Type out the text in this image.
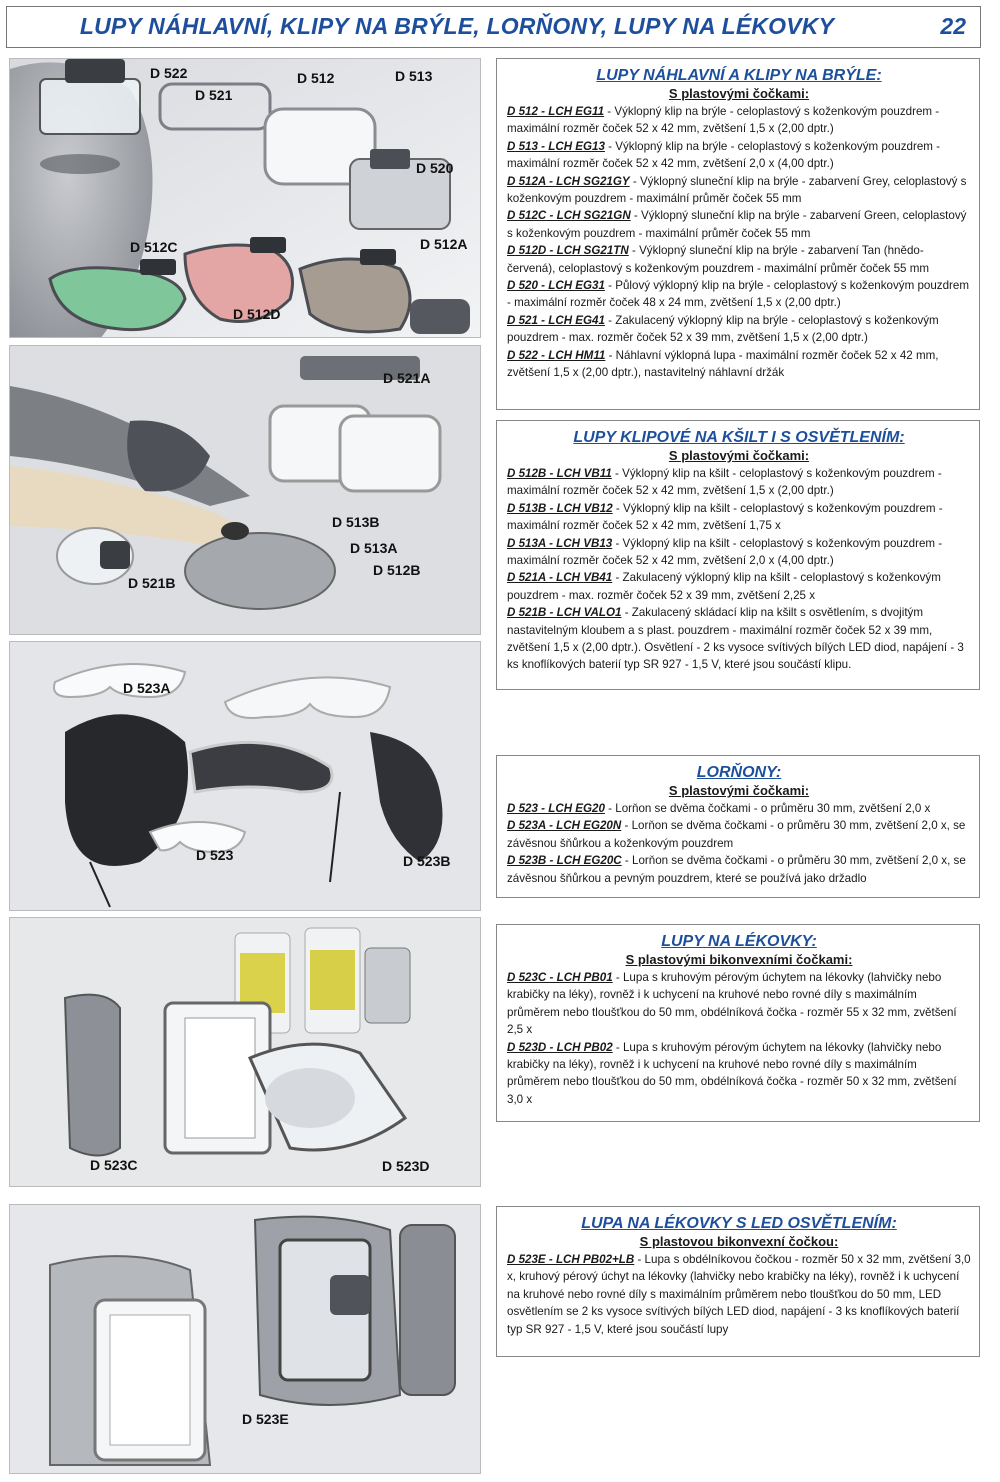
LUPY NÁHLAVNÍ, KLIPY NA BRÝLE, LORŇONY, LUPY NA LÉKOVKY	22
D 522
D 521
D 512	D 513
D 520
D 512C	D 512A
D 512D
D 521A
D 513B
D 513A
D 512B
D 521B
D 523A
D 523	D 523B
D 523C	D 523D
D 523E
LUPY NÁHLAVNÍ A KLIPY NA BRÝLE:
S plastovými čočkami:

D 512 - LCH EG11 - Výklopný klip na brýle - celoplastový s koženkovým pouzdrem - maximální rozměr čoček 52 x 42 mm, zvětšení 1,5 x (2,00 dptr.)

D 513 - LCH EG13 - Výklopný klip na brýle - celoplastový s koženkovým pouzdrem - maximální rozměr čoček 52 x 42 mm, zvětšení 2,0 x (4,00 dptr.)

D 512A - LCH SG21GY - Výklopný sluneční klip na brýle - zabarvení Grey, celoplastový s koženkovým pouzdrem - maximální průměr čoček 55 mm

D 512C - LCH SG21GN - Výklopný sluneční klip na brýle - zabarvení Green, celoplastový s koženkovým pouzdrem - maximální průměr čoček 55 mm

D 512D - LCH SG21TN - Výklopný sluneční klip na brýle - zabarvení Tan (hnědo-červená), celoplastový s koženkovým pouzdrem - maximální průměr čoček 55 mm

D 520 - LCH EG31 - Půlový výklopný klip na brýle - celoplastový s koženkovým pouzdrem - maximální rozměr čoček 48 x 24 mm, zvětšení 1,5 x (2,00 dptr.)

D 521 - LCH EG41 - Zakulacený výklopný klip na brýle - celoplastový s koženkovým pouzdrem - max. rozměr čoček 52 x 39 mm, zvětšení 1,5 x (2,00 dptr.)

D 522 - LCH HM11 - Náhlavní výklopná lupa - maximální rozměr čoček 52 x 42 mm, zvětšení 1,5 x (2,00 dptr.), nastavitelný náhlavní držák

LUPY KLIPOVÉ NA KŠILT I S OSVĚTLENÍM:
S plastovými čočkami:

D 512B - LCH VB11 - Výklopný klip na kšilt - celoplastový s koženkovým pouzdrem - maximální rozměr čoček 52 x 42 mm, zvětšení 1,5 x (2,00 dptr.)

D 513B - LCH VB12 - Výklopný klip na kšilt - celoplastový s koženkovým pouzdrem - maximální rozměr čoček 52 x 42 mm, zvětšení 1,75 x

D 513A - LCH VB13 - Výklopný klip na kšilt - celoplastový s koženkovým pouzdrem - maximální rozměr čoček 52 x 42 mm, zvětšení 2,0 x (4,00 dptr.)

D 521A - LCH VB41 - Zakulacený výklopný klip na kšilt - celoplastový s koženkovým pouzdrem - max. rozměr čoček 52 x 39 mm, zvětšení 2,25 x

D 521B - LCH VALO1 - Zakulacený skládací klip na kšilt s osvětlením, s dvojitým nastavitelným kloubem a s plast. pouzdrem - maximální rozměr čoček 52 x 39 mm, zvětšení 1,5 x (2,00 dptr.). Osvětlení - 2 ks vysoce svítivých bílých LED diod, napájení - 3 ks knoflíkových baterií typ SR 927 - 1,5 V, které jsou součástí klipu.

LORŇONY:
S plastovými čočkami:

D 523 - LCH EG20 - Lorňon se dvěma čočkami - o průměru 30 mm, zvětšení 2,0 x

D 523A - LCH EG20N - Lorňon se dvěma čočkami - o průměru 30 mm, zvětšení 2,0 x, se závěsnou šňůrkou a koženkovým pouzdrem

D 523B - LCH EG20C - Lorňon se dvěma čočkami - o průměru 30 mm, zvětšení 2,0 x, se závěsnou šňůrkou a pevným pouzdrem, které se používá jako držadlo

LUPY NA LÉKOVKY:
S plastovými bikonvexními čočkami:

D 523C - LCH PB01 - Lupa s kruhovým pérovým úchytem na lékovky (lahvičky nebo krabičky na léky), rovněž i k uchycení na kruhové nebo rovné díly s maximálním průměrem nebo tloušťkou do 50 mm, obdélníková čočka - rozměr 55 x 32 mm, zvětšení 2,5 x

D 523D - LCH PB02 - Lupa s kruhovým pérovým úchytem na lékovky (lahvičky nebo krabičky na léky), rovněž i k uchycení na kruhové nebo rovné díly s maximálním průměrem nebo tloušťkou do 50 mm, obdélníková čočka - rozměr 50 x 32 mm, zvětšení 3,0 x

LUPA NA LÉKOVKY S LED OSVĚTLENÍM:
S plastovou bikonvexní čočkou:

D 523E - LCH PB02+LB - Lupa s obdélníkovou čočkou - rozměr 50 x 32 mm, zvětšení 3,0 x, kruhový pérový úchyt na lékovky (lahvičky nebo krabičky na léky), rovněž i k uchycení na kruhové nebo rovné díly s maximálním průměrem nebo tloušťkou do 50 mm, LED osvětlením se 2 ks vysoce svítivých bílých LED diod, napájení - 3 ks knoflíkových baterií typ SR 927 - 1,5 V, které jsou součástí lupy
